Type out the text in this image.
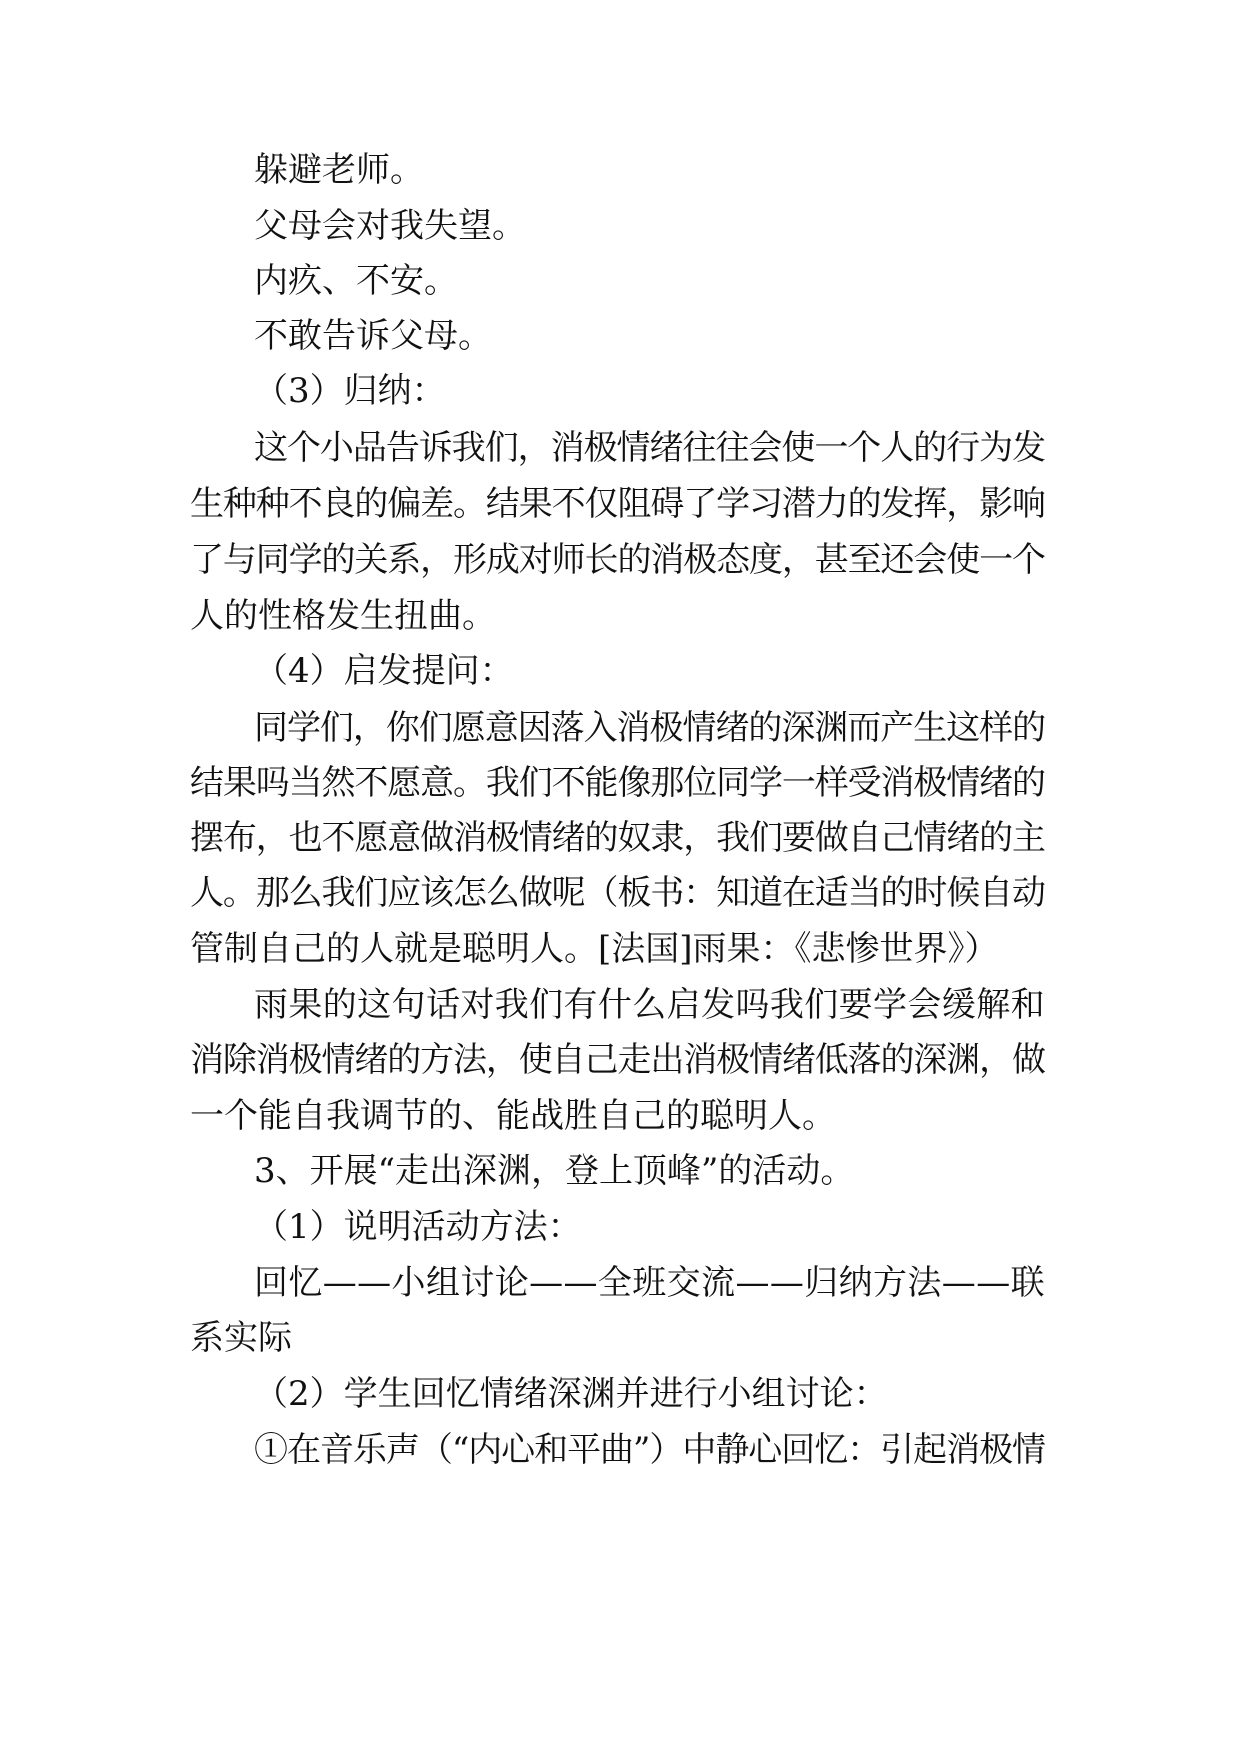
躲避老师。
父母会对我失望。
内疚、不安。
不敢告诉父母。
（3）归纳：
这个小品告诉我们，消极情绪往往会使一个人的行为发
生种种不良的偏差。结果不仅阻碍了学习潜力的发挥，影响
了与同学的关系，形成对师长的消极态度，甚至还会使一个
人的性格发生扭曲。
（4）启发提问：
同学们，你们愿意因落入消极情绪的深渊而产生这样的
结果吗当然不愿意。我们不能像那位同学一样受消极情绪的
摆布，也不愿意做消极情绪的奴隶，我们要做自己情绪的主
人。那么我们应该怎么做呢（板书：知道在适当的时候自动
管制自己的人就是聪明人。[法国]雨果：《悲惨世界》）
雨果的这句话对我们有什么启发吗我们要学会缓解和
消除消极情绪的方法，使自己走出消极情绪低落的深渊，做
一个能自我调节的、能战胜自己的聪明人。
3、开展“走出深渊，登上顶峰”的活动。
（1）说明活动方法：
回忆——小组讨论——全班交流——归纳方法——联
系实际
（2）学生回忆情绪深渊并进行小组讨论：
①在音乐声（“内心和平曲”）中静心回忆：引起消极情
